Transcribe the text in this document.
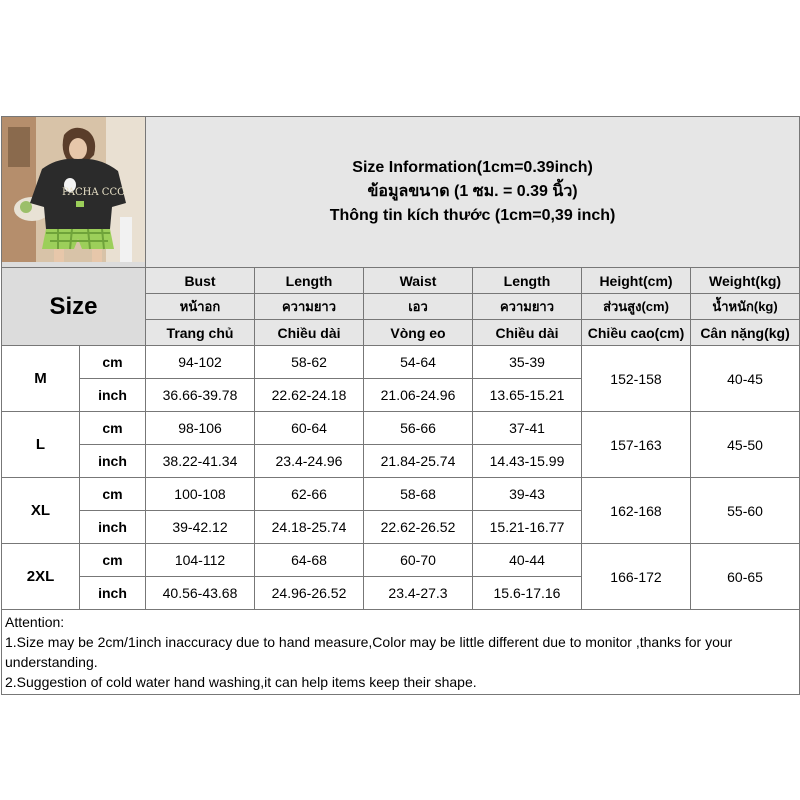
PACHA CCO		Size Information(1cm=0.39inch)
ข้อมูลขนาด (1 ซม. = 0.39 นิ้ว)
Thông tin kích thước (1cm=0,39 inch)					

Size		Bust	Length	Waist	Length	Height(cm)	Weight(kg)
		หน้าอก	ความยาว	เอว	ความยาว	ส่วนสูง(cm)	น้ำหนัก(kg)
		Trang chủ	Chiều dài	Vòng eo	Chiều dài	Chiều cao(cm)	Cân nặng(kg)
M	cm	94-102	58-62	54-64	35-39	152-158	40-45
	inch	36.66-39.78	22.62-24.18	21.06-24.96	13.65-15.21		
L	cm	98-106	60-64	56-66	37-41	157-163	45-50
	inch	38.22-41.34	23.4-24.96	21.84-25.74	14.43-15.99		
XL	cm	100-108	62-66	58-68	39-43	162-168	55-60
	inch	39-42.12	24.18-25.74	22.62-26.52	15.21-16.77		
2XL	cm	104-112	64-68	60-70	40-44	166-172	60-65
	inch	40.56-43.68	24.96-26.52	23.4-27.3	15.6-17.16		

Attention:
1.Size may be 2cm/1inch inaccuracy due to hand measure,Color may be little different due to monitor ,thanks for your understanding.
2.Suggestion of cold water hand washing,it can help items keep their shape.							
